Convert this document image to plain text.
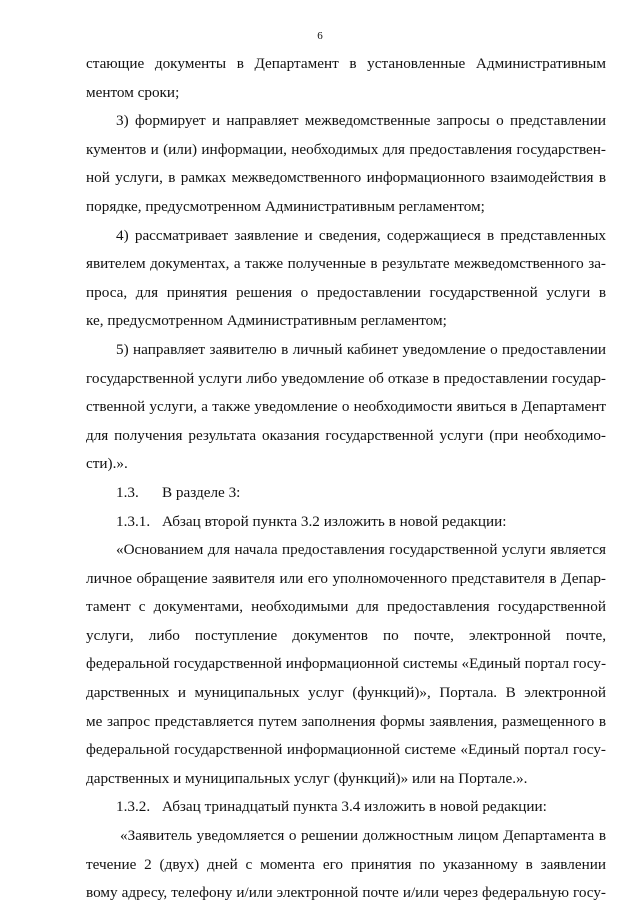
6
стающие документы в Департамент в установленные Административным
ментом сроки;
3) формирует и направляет межведомственные запросы о представлении
кументов и (или) информации, необходимых для предоставления государствен-
ной услуги, в рамках межведомственного информационного взаимодействия в
порядке, предусмотренном Административным регламентом;
4) рассматривает заявление и сведения, содержащиеся в представленных
явителем документах, а также полученные в результате межведомственного за-
проса, для принятия решения о предоставлении государственной услуги в
ке, предусмотренном Административным регламентом;
5) направляет заявителю в личный кабинет уведомление о предоставлении
государственной услуги либо уведомление об отказе в предоставлении государ-
ственной услуги, а также уведомление о необходимости явиться в Департамент
для получения результата оказания государственной услуги (при необходимо-
сти).».
1.3. В разделе 3:
1.3.1. Абзац второй пункта 3.2 изложить в новой редакции:
«Основанием для начала предоставления государственной услуги является
личное обращение заявителя или его уполномоченного представителя в Депар-
тамент с документами, необходимыми для предоставления государственной
услуги, либо поступление документов по почте, электронной почте,
федеральной государственной информационной системы «Единый портал госу-
дарственных и муниципальных услуг (функций)», Портала. В электронной
ме запрос представляется путем заполнения формы заявления, размещенного в
федеральной государственной информационной системе «Единый портал госу-
дарственных и муниципальных услуг (функций)» или на Портале.».
1.3.2. Абзац тринадцатый пункта 3.4 изложить в новой редакции:
«Заявитель уведомляется о решении должностным лицом Департамента в
течение 2 (двух) дней с момента его принятия по указанному в заявлении
вому адресу, телефону и/или электронной почте и/или через федеральную госу-
